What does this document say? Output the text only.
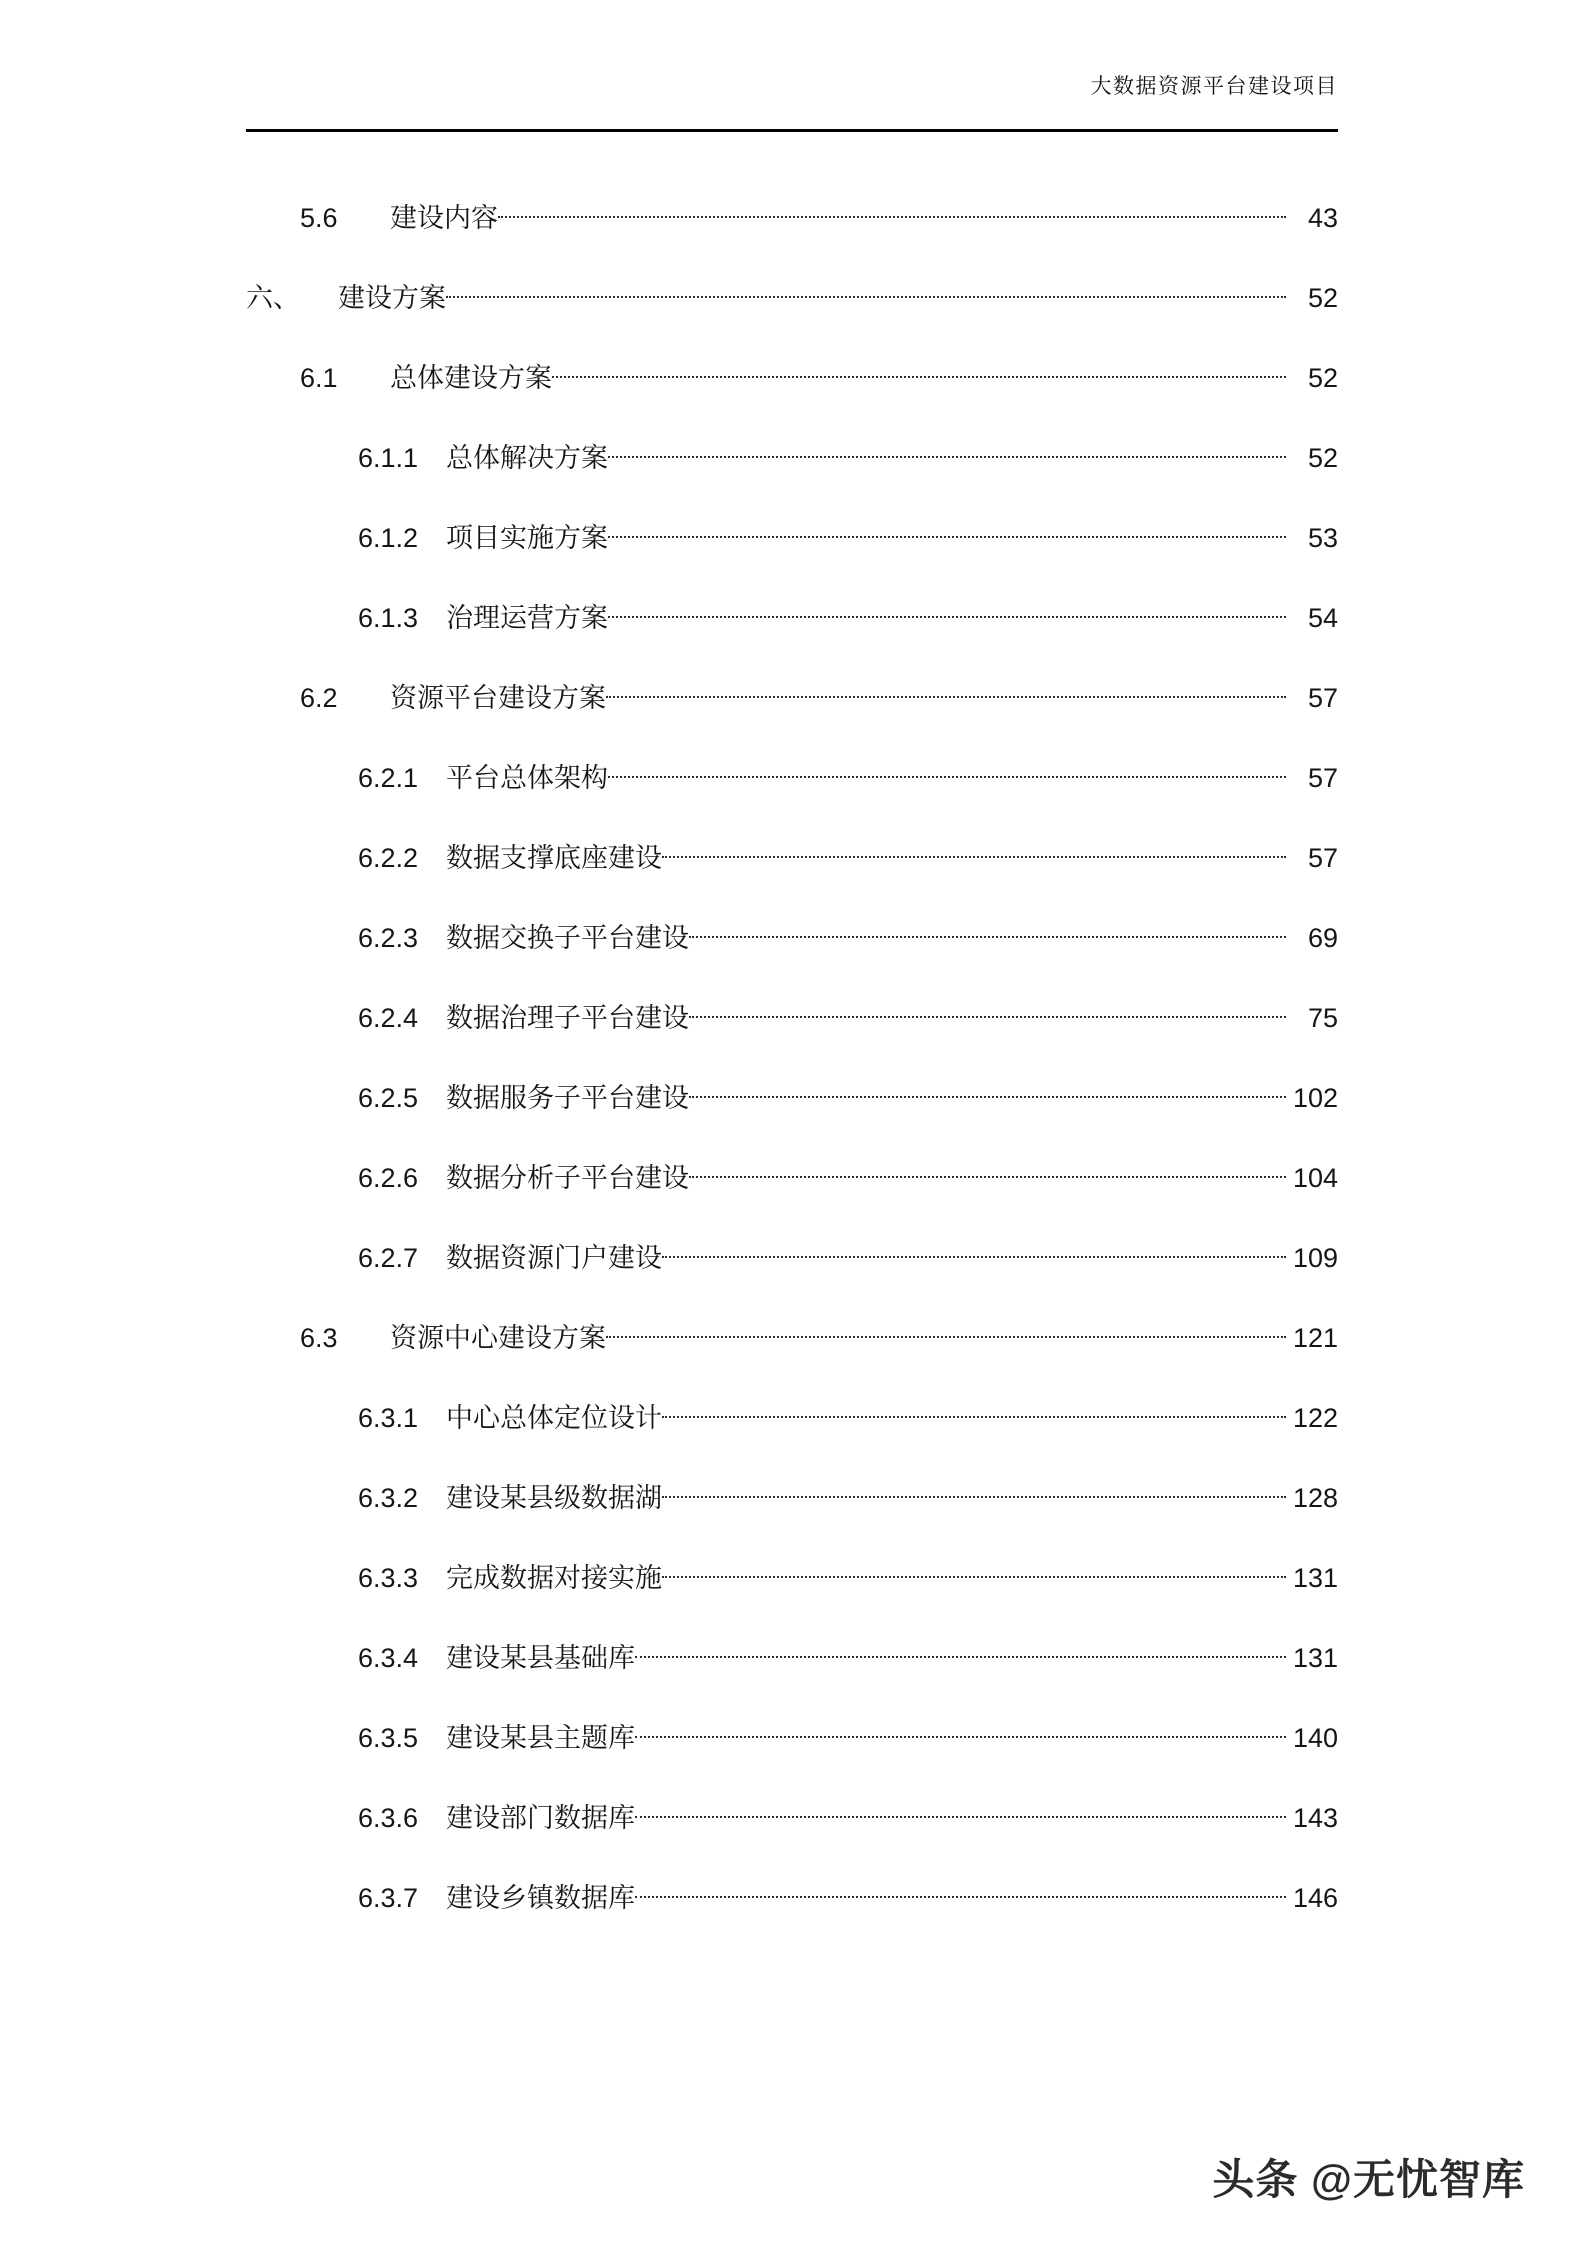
大数据资源平台建设项目
5.6	建设内容	43
六、	建设方案	52
6.1	总体建设方案	52
6.1.1	总体解决方案	52
6.1.2	项目实施方案	53
6.1.3	治理运营方案	54
6.2	资源平台建设方案	57
6.2.1	平台总体架构	57
6.2.2	数据支撑底座建设	57
6.2.3	数据交换子平台建设	69
6.2.4	数据治理子平台建设	75
6.2.5	数据服务子平台建设	102
6.2.6	数据分析子平台建设	104
6.2.7	数据资源门户建设	109
6.3	资源中心建设方案	121
6.3.1	中心总体定位设计	122
6.3.2	建设某县级数据湖	128
6.3.3	完成数据对接实施	131
6.3.4	建设某县基础库	131
6.3.5	建设某县主题库	140
6.3.6	建设部门数据库	143
6.3.7	建设乡镇数据库	146
头条 @无忧智库
